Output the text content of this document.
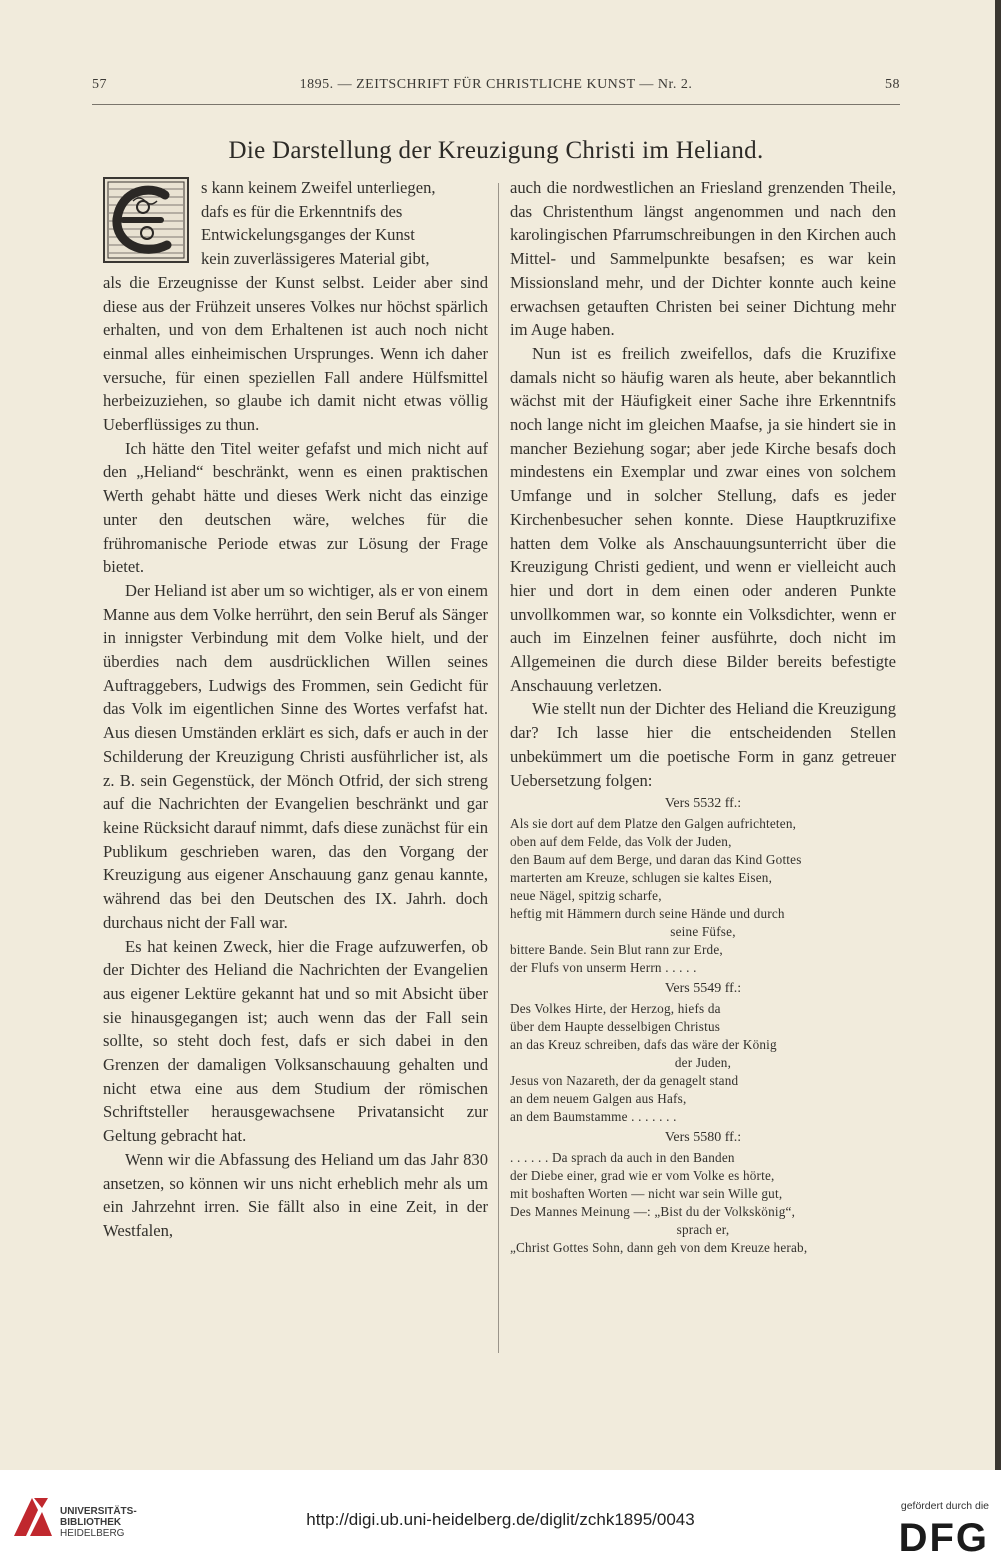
57	1895. — ZEITSCHRIFT FÜR CHRISTLICHE KUNST — Nr. 2.	58
Die Darstellung der Kreuzigung Christi im Heliand.

s kann keinem Zweifel unterliegen,

dafs es für die Erkenntnifs des

Entwickelungsganges der Kunst

kein zuverlässigeres Material gibt,

als die Erzeugnisse der Kunst selbst. Leider aber sind diese aus der Frühzeit unseres Volkes nur höchst spärlich erhalten, und von dem Erhaltenen ist auch noch nicht einmal alles einheimischen Ursprunges. Wenn ich daher versuche, für einen speziellen Fall andere Hülfsmittel herbeizuziehen, so glaube ich damit nicht etwas völlig Ueberflüssiges zu thun.

Ich hätte den Titel weiter gefafst und mich nicht auf den „Heliand“ beschränkt, wenn es einen praktischen Werth gehabt hätte und dieses Werk nicht das einzige unter den deutschen wäre, welches für die frühromanische Periode etwas zur Lösung der Frage bietet.

Der Heliand ist aber um so wichtiger, als er von einem Manne aus dem Volke herrührt, den sein Beruf als Sänger in innigster Verbindung mit dem Volke hielt, und der überdies nach dem ausdrücklichen Willen seines Auftraggebers, Ludwigs des Frommen, sein Gedicht für das Volk im eigentlichen Sinne des Wortes verfafst hat. Aus diesen Umständen erklärt es sich, dafs er auch in der Schilderung der Kreuzigung Christi ausführlicher ist, als z. B. sein Gegenstück, der Mönch Otfrid, der sich streng auf die Nachrichten der Evangelien beschränkt und gar keine Rücksicht darauf nimmt, dafs diese zunächst für ein Publikum geschrieben waren, das den Vorgang der Kreuzigung aus eigener Anschauung ganz genau kannte, während das bei den Deutschen des IX. Jahrh. doch durchaus nicht der Fall war.

Es hat keinen Zweck, hier die Frage aufzuwerfen, ob der Dichter des Heliand die Nachrichten der Evangelien aus eigener Lektüre gekannt hat und so mit Absicht über sie hinausgegangen ist; auch wenn das der Fall sein sollte, so steht doch fest, dafs er sich dabei in den Grenzen der damaligen Volksanschauung gehalten und nicht etwa eine aus dem Studium der römischen Schriftsteller herausgewachsene Privatansicht zur Geltung gebracht hat.

Wenn wir die Abfassung des Heliand um das Jahr 830 ansetzen, so können wir uns nicht erheblich mehr als um ein Jahrzehnt irren. Sie fällt also in eine Zeit, in der Westfalen,

auch die nordwestlichen an Friesland grenzenden Theile, das Christenthum längst angenommen und nach den karolingischen Pfarrumschreibungen in den Kirchen auch Mittel- und Sammelpunkte besafsen; es war kein Missionsland mehr, und der Dichter konnte auch keine erwachsen getauften Christen bei seiner Dichtung mehr im Auge haben.

Nun ist es freilich zweifellos, dafs die Kruzifixe damals nicht so häufig waren als heute, aber bekanntlich wächst mit der Häufigkeit einer Sache ihre Erkenntnifs noch lange nicht im gleichen Maafse, ja sie hindert sie in mancher Beziehung sogar; aber jede Kirche besafs doch mindestens ein Exemplar und zwar eines von solchem Umfange und in solcher Stellung, dafs es jeder Kirchenbesucher sehen konnte. Diese Hauptkruzifixe hatten dem Volke als Anschauungsunterricht über die Kreuzigung Christi gedient, und wenn er vielleicht auch hier und dort in dem einen oder anderen Punkte unvollkommen war, so konnte ein Volksdichter, wenn er auch im Einzelnen feiner ausführte, doch nicht im Allgemeinen die durch diese Bilder bereits befestigte Anschauung verletzen.

Wie stellt nun der Dichter des Heliand die Kreuzigung dar? Ich lasse hier die entscheidenden Stellen unbekümmert um die poetische Form in ganz getreuer Uebersetzung folgen:

Vers 5532 ff.:

Als sie dort auf dem Platze den Galgen aufrichteten,

oben auf dem Felde, das Volk der Juden,

den Baum auf dem Berge, und daran das Kind Gottes

marterten am Kreuze, schlugen sie kaltes Eisen,

neue Nägel, spitzig scharfe,

heftig mit Hämmern durch seine Hände und durch

seine Füfse,

bittere Bande. Sein Blut rann zur Erde,

der Flufs von unserm Herrn . . . . .

Vers 5549 ff.:

Des Volkes Hirte, der Herzog, hiefs da

über dem Haupte desselbigen Christus

an das Kreuz schreiben, dafs das wäre der König

der Juden,

Jesus von Nazareth, der da genagelt stand

an dem neuem Galgen aus Hafs,

an dem Baumstamme . . . . . . .

Vers 5580 ff.:

. . . . . . Da sprach da auch in den Banden

der Diebe einer, grad wie er vom Volke es hörte,

mit boshaften Worten — nicht war sein Wille gut,

Des Mannes Meinung —: „Bist du der Volkskönig“,

sprach er,

„Christ Gottes Sohn, dann geh von dem Kreuze herab,

UNIVERSITÄTS-
BIBLIOTHEK
HEIDELBERG
http://digi.ub.uni-heidelberg.de/diglit/zchk1895/0043
gefördert durch die
DFG
